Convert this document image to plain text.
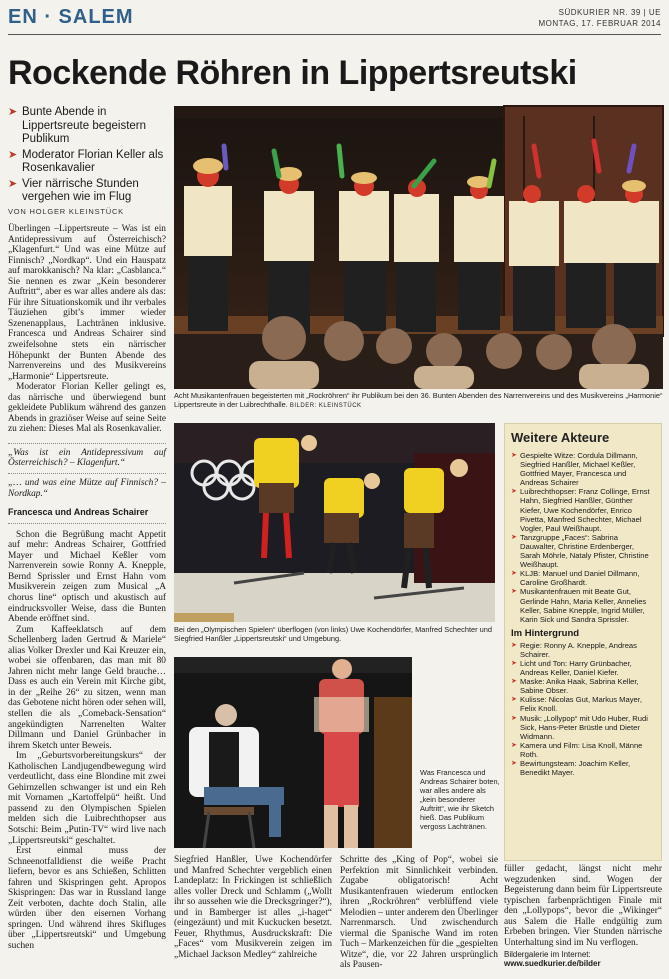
EN · SALEM	SÜDKURIER NR. 39 | UE
MONTAG, 17. FEBRUAR 2014
Rockende Röhren in Lippertsreutski
➤ Bunte Abende in Lippertsreute begeistern Publikum
➤ Moderator Florian Keller als Rosenkavalier
➤ Vier närrische Stunden vergehen wie im Flug
VON HOLGER KLEINSTÜCK

Überlingen –Lippertsreute – Was ist ein Antidepressivum auf Österreichisch? „Klagenfurt.“ Und was eine Mütze auf Finnisch? „Nordkap“. Und ein Hauspatz auf marokkanisch? Na klar: „Casblanca.“ Sie nennen es zwar „Kein besonderer Auftritt“, aber es war alles andere als das: Für ihre Situationskomik und ihr verbales Täuziehen gibt’s immer wieder Szenenapplaus, Lachtränen inklusive. Francesca und Andreas Schairer sind zweifelsohne stets ein närrischer Höhepunkt der Bunten Abende des Narrenvereins und des Musikvereins „Harmonie“ Lippertsreute.

Moderator Florian Keller gelingt es, das närrische und überwiegend bunt gekleidete Publikum während des ganzen Abends in graziöser Weise auf seine Seite zu ziehen: Dieses Mal als Rosenkavalier.

„Was ist ein Antidepressivum auf Österreichisch? – Klagenfurt.“

„… und was eine Mütze auf Finnisch? – Nordkap.“

Francesca und Andreas Schairer

Schon die Begrüßung macht Appetit auf mehr: Andreas Schairer, Gottfried Mayer und Michael Keßler vom Narrenverein sowie Ronny A. Knepple, Bernd Sprissler und Ernst Hahn vom Musikverein zeigen zum Musical „A chorus line“ optisch und akustisch auf eindrucksvoller Weise, dass die Bunten Abende eröffnet sind.

Zum Kaffeeklatsch auf dem Schellenberg laden Gertrud & Mariele“ alias Volker Drexler und Kai Kreuzer ein, wobei sie offenbaren, das man mit 80 Jahren nicht mehr lange Geld brauche… Dass es auch ein Verein mit Kirche gibt, in der „Reihe 26“ zu sitzen, wenn man das Gebotene nicht hören oder sehen will, stellen die als „Comeback-Sensation“ angekündigten Narrenelten Walter Dillmann und Daniel Grünbacher in ihrem Sketch unter Beweis.

Im „Geburtsvorbereitungskurs“ der Katholischen Landjugendbewegung wird verdeutlicht, dass eine Blondine mit zwei Gehirnzellen schwanger ist und ein Reh mit Vornamen „Kartoffelpü“ heißt. Und passend zu den Olympischen Spielen melden sich die Luibrechthopser aus Sotschi: Beim „Putin-TV“ wird live nach „Lippertsreutski“ geschaltet.

Erst einmal muss der Schneenotfalldienst die weiße Pracht liefern, bevor es ans Schießen, Schlitten fahren und Skispringen geht. Apropos Skispringen: Das war in Russland lange Zeit verboten, dachte doch Stalin, alle würden über den eisernen Vorhang springen. Und während ihres Skifluges über „Lippertsreutski“ und Umgebung suchen

Acht Musikantenfrauen begeisterten mit „Rockröhren“ ihr Publikum bei den 36. Bunten Abenden des Narrenvereins und des Musikvereins „Harmonie“ Lippertsreute in der Luibrechthalle. BILDER: KLEINSTÜCK
Bei den „Olympischen Spielen“ überflogen (von links) Uwe Kochendörfer, Manfred Schechter und Siegfried Hanßler „Lippertsreutski“ und Umgebung.
Was Francesca und Andreas Schairer boten, war alles andere als „kein besonderer Auftritt“, wie ihr Sketch hieß. Das Publikum vergoss Lachtränen.
Weitere Akteure
➤ Gespielte Witze: Cordula Dillmann, Siegfried Hanßler, Michael Keßler, Gottfried Mayer, Francesca und Andreas Schairer
➤ Luibrechthopser: Franz Collinge, Ernst Hahn, Siegfried Hanßler, Günther Kiefer, Uwe Kochendörfer, Enrico Pivetta, Manfred Schechter, Michael Vogler, Paul Weißhaupt.
➤ Tanzgruppe „Faces“: Sabrina Dauwalter, Christine Erdenberger, Sarah Möhrle, Nataly Pfister, Christine Weißhaupt.
➤ KLJB: Manuel und Daniel Dillmann, Caroline Großhardt.
➤ Musikantenfrauen mit Beate Gut, Gerlinde Hahn, Maria Keller, Annelies Keller, Sabine Knepple, Ingrid Müller, Karin Sick und Sandra Sprissler.
Im Hintergrund
➤ Regie: Ronny A. Knepple, Andreas Schairer.
➤ Licht und Ton: Harry Grünbacher, Andreas Keller, Daniel Kiefer.
➤ Maske: Anika Haak, Sabrina Keller, Sabine Obser.
➤ Kulisse: Nicolas Gut, Markus Mayer, Felix Knoll.
➤ Musik: „Lollypop“ mit Udo Huber, Rudi Sick, Hans-Peter Brüstle und Dieter Widmann.
➤ Kamera und Film: Lisa Knoll, Männe Roth.
➤ Bewirtungsteam: Joachim Keller, Benedikt Mayer.
Siegfried Hanßler, Uwe Kochendörfer und Manfred Schechter vergeblich einen Landeplatz: In Frickingen ist schließlich alles voller Dreck und Schlamm („Wollt ihr so aussehen wie die Drecksgringer?“), und in Bamberger ist alles „i-haget“ (eingezäunt) und mit Kuckucken besetzt. Feuer, Rhythmus, Ausdruckskraft: Die „Faces“ vom Musikverein zeigen im „Michael Jackson Medley“ zahlreiche
Schritte des „King of Pop“, wobei sie Perfektion mit Sinnlichkeit verbinden. Zugabe obligatorisch! Acht Musikantenfrauen wiederum entlocken ihren „Rockröhren“ verblüffend viele Melodien – unter anderem den Überlinger Narrenmarsch. Und zwischendurch viermal die Spanische Wand im roten Tuch – Markenzeichen für die „gespielten Witze“, die, vor 22 Jahren ursprünglich als Pausen-
füller gedacht, längst nicht mehr wegzudenken sind. Wogen der Begeisterung dann beim für Lippertsreute typischen farbenprächtigen Finale mit den „Lollypops“, bevor die „Wikinger“ aus Salem die Halle endgültig zum Erbeben bringen. Vier Stunden närrische Unterhaltung sind im Nu verflogen.
Bildergalerie im Internet:
www.suedkurier.de/bilder
